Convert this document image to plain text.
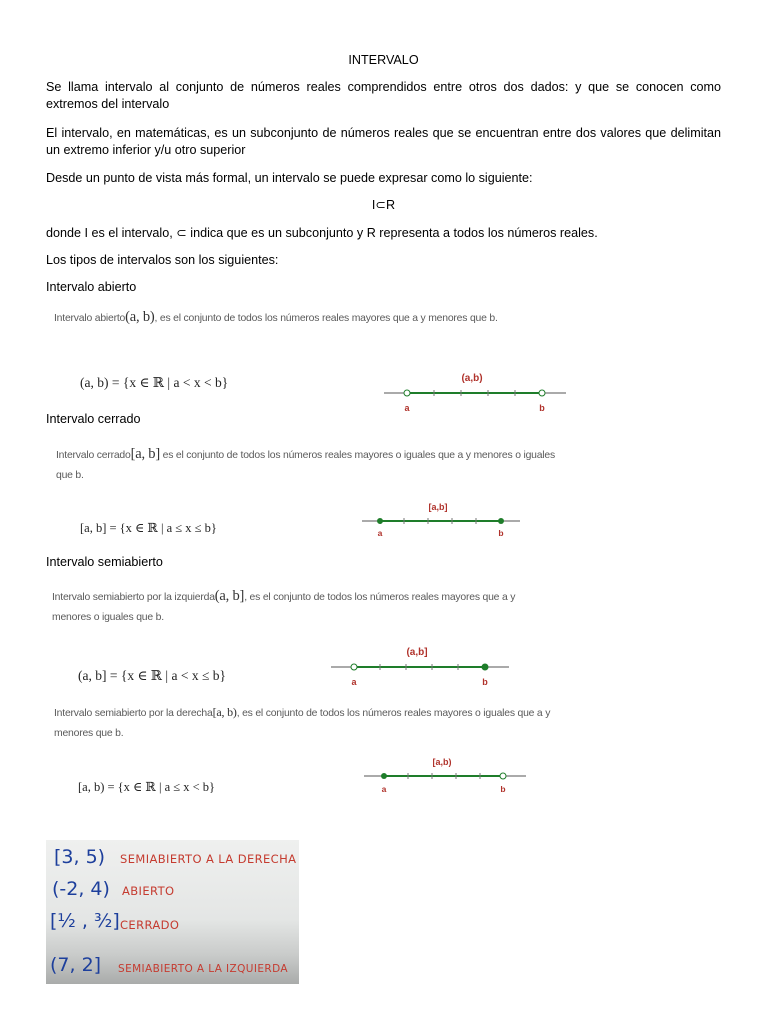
INTERVALO

Se llama intervalo al conjunto de números reales comprendidos entre otros dos dados: y que se conocen como extremos del intervalo

El intervalo, en matemáticas, es un subconjunto de números reales que se encuentran entre dos valores que delimitan un extremo inferior y/u otro superior

Desde un punto de vista más formal, un intervalo se puede expresar como lo siguiente:

I⊂R

donde I es el intervalo, ⊂ indica que es un subconjunto y R representa a todos los números reales.

Los tipos de intervalos son los siguientes:

Intervalo abierto

Intervalo abierto(a, b), es el conjunto de todos los números reales mayores que a y menores que b.
(a, b) = {x ∈ ℝ | a < x < b}	(a,b)
a	b

Intervalo cerrado

Intervalo cerrado[a, b] es el conjunto de todos los números reales mayores o iguales que a y menores o iguales
que b.
[a, b] = {x ∈ ℝ | a ≤ x ≤ b}
[a,b]
a	b

Intervalo semiabierto

Intervalo semiabierto por la izquierda(a, b], es el conjunto de todos los números reales mayores que a y
menores o iguales que b.
(a, b] = {x ∈ ℝ | a < x ≤ b}
(a,b]
a	b
Intervalo semiabierto por la derecha[a, b), es el conjunto de todos los números reales mayores o iguales que a y
menores que b.
[a, b) = {x ∈ ℝ | a ≤ x < b}
[a,b)
a	b
[3, 5) SEMIABIERTO A LA DERECHA
(-2, 4) ABIERTO
[½ , ³⁄₂] CERRADO
(7, 2] SEMIABIERTO A LA IZQUIERDA
